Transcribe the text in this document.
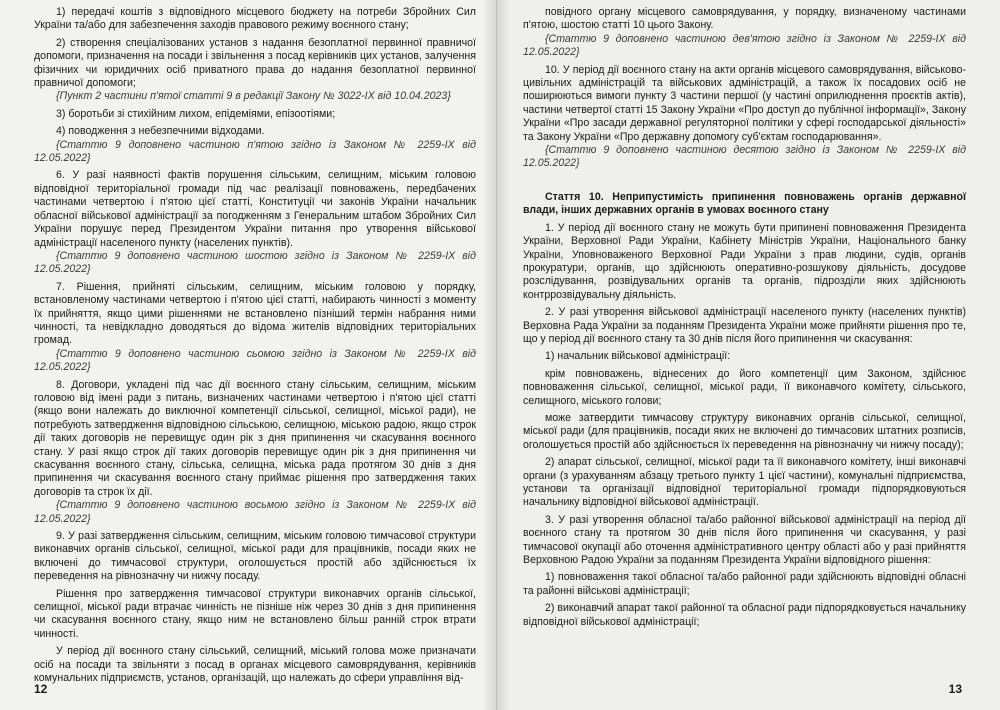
1) передачі коштів з відповідного місцевого бюджету на потреби Збройних Сил України та/або для забезпечення заходів правового режиму воєнного стану;

2) створення спеціалізованих установ з надання безоплатної первинної правничої допомоги, призначення на посади і звільнення з посад керівників цих установ, залучення фізичних чи юридичних осіб приватного права до надання безоплатної первинної правничої допомоги;

{Пункт 2 частини п'ятої статті 9 в редакції Закону № 3022-IX від 10.04.2023}

3) боротьби зі стихійним лихом, епідеміями, епізоотіями;

4) поводження з небезпечними відходами.

{Статтю 9 доповнено частиною п'ятою згідно із Законом № 2259-IX від 12.05.2022}

6. У разі наявності фактів порушення сільським, селищним, міським головою відповідної територіальної громади під час реалізації повноважень, передбачених частинами четвертою і п'ятою цієї статті, Конституції чи законів України начальник обласної військової адміністрації за погодженням з Генеральним штабом Збройних Сил України порушує перед Президентом України питання про утворення військової адміністрації населеного пункту (населених пунктів).

{Статтю 9 доповнено частиною шостою згідно із Законом № 2259-IX від 12.05.2022}

7. Рішення, прийняті сільським, селищним, міським головою у порядку, встановленому частинами четвертою і п'ятою цієї статті, набирають чинності з моменту їх прийняття, якщо цими рішеннями не встановлено пізніший термін набрання ними чинності, та невідкладно доводяться до відома жителів відповідних територіальних громад.

{Статтю 9 доповнено частиною сьомою згідно із Законом № 2259-IX від 12.05.2022}

8. Договори, укладені під час дії воєнного стану сільським, селищним, міським головою від імені ради з питань, визначених частинами четвертою і п'ятою цієї статті (якщо вони належать до виключної компетенції сільської, селищної, міської ради), не потребують затвердження відповідною сільською, селищною, міською радою, якщо строк дії таких договорів не перевищує один рік з дня припинення чи скасування воєнного стану. У разі якщо строк дії таких договорів перевищує один рік з дня припинення чи скасування воєнного стану, сільська, селищна, міська рада протягом 30 днів з дня припинення чи скасування воєнного стану приймає рішення про затвердження таких договорів та строк їх дії.

{Статтю 9 доповнено частиною восьмою згідно із Законом № 2259-IX від 12.05.2022}

9. У разі затвердження сільським, селищним, міським головою тимчасової структури виконавчих органів сільської, селищної, міської ради для працівників, посади яких не включені до тимчасової структури, оголошується простій або здійснюється їх переведення на рівнозначну чи нижчу посаду.

Рішення про затвердження тимчасової структури виконавчих органів сільської, селищної, міської ради втрачає чинність не пізніше ніж через 30 днів з дня припинення чи скасування воєнного стану, якщо ним не встановлено більш ранній строк втрати чинності.

У період дії воєнного стану сільський, селищний, міський голова може призначати осіб на посади та звільняти з посад в органах місцевого самоврядування, керівників комунальних підприємств, установ, організацій, що належать до сфери управління від-

12

повідного органу місцевого самоврядування, у порядку, визначеному частинами п'ятою, шостою статті 10 цього Закону.

{Статтю 9 доповнено частиною дев'ятою згідно із Законом № 2259-IX від 12.05.2022}

10. У період дії воєнного стану на акти органів місцевого самоврядування, військово-цивільних адміністрацій та військових адміністрацій, а також їх посадових осіб не поширюються вимоги пункту 3 частини першої (у частині оприлюднення проєктів актів), частини четвертої статті 15 Закону України «Про доступ до публічної інформації», Закону України «Про засади державної регуляторної політики у сфері господарської діяльності» та Закону України «Про державну допомогу суб'єктам господарювання».

{Статтю 9 доповнено частиною десятою згідно із Законом № 2259-IX від 12.05.2022}

Стаття 10. Неприпустимість припинення повноважень органів державної влади, інших державних органів в умовах воєнного стану

1. У період дії воєнного стану не можуть бути припинені повноваження Президента України, Верховної Ради України, Кабінету Міністрів України, Національного банку України, Уповноваженого Верховної Ради України з прав людини, судів, органів прокуратури, органів, що здійснюють оперативно-розшукову діяльність, досудове розслідування, розвідувальних органів та органів, підрозділи яких здійснюють контррозвідувальну діяльність.

2. У разі утворення військової адміністрації населеного пункту (населених пунктів) Верховна Рада України за поданням Президента України може прийняти рішення про те, що у період дії воєнного стану та 30 днів після його припинення чи скасування:

1) начальник військової адміністрації:

крім повноважень, віднесених до його компетенції цим Законом, здійснює повноваження сільської, селищної, міської ради, її виконавчого комітету, сільського, селищного, міського голови;

може затвердити тимчасову структуру виконавчих органів сільської, селищної, міської ради (для працівників, посади яких не включені до тимчасових штатних розписів, оголошується простій або здійснюється їх переведення на рівнозначну чи нижчу посаду);

2) апарат сільської, селищної, міської ради та її виконавчого комітету, інші виконавчі органи (з урахуванням абзацу третього пункту 1 цієї частини), комунальні підприємства, установи та організації відповідної територіальної громади підпорядковуються начальнику відповідної військової адміністрації.

3. У разі утворення обласної та/або районної військової адміністрації на період дії воєнного стану та протягом 30 днів після його припинення чи скасування, у разі тимчасової окупації або оточення адміністративного центру області або у разі прийняття Верховною Радою України за поданням Президента України відповідного рішення:

1) повноваження такої обласної та/або районної ради здійснюють відповідні обласні та районні військові адміністрації;

2) виконавчий апарат такої районної та обласної ради підпорядковується начальнику відповідної військової адміністрації;

13
